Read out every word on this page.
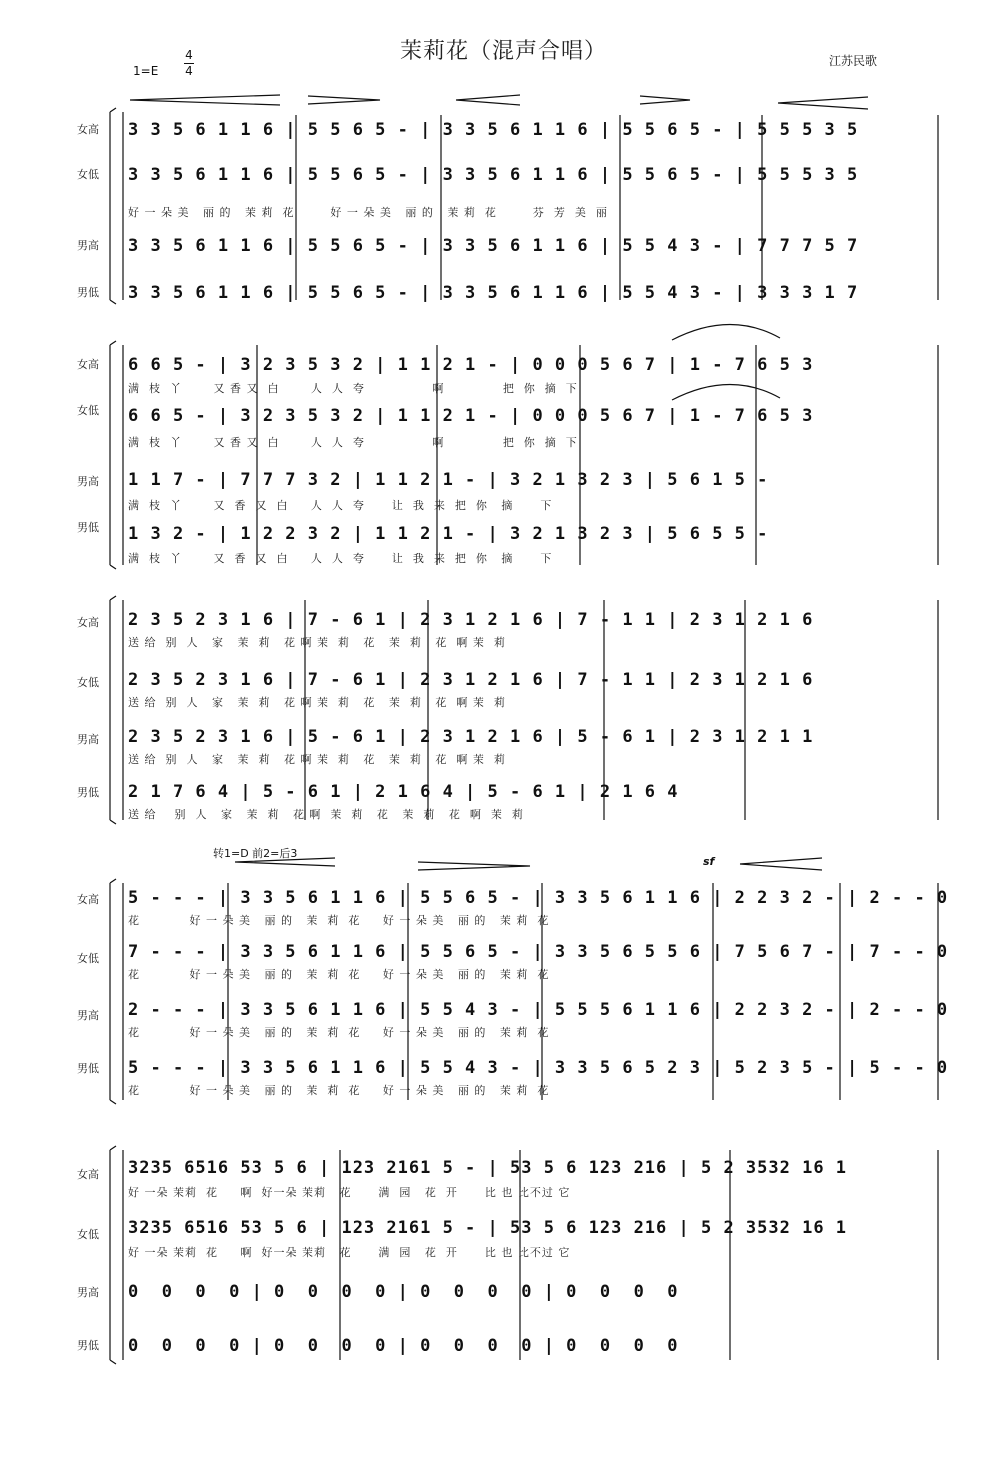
茉莉花（混声合唱）	江苏民歌
1=E
4
4
转1=D 前2=后3
sf
女高 3 3 5 6 1 1 6 | 5 5 6 5 - | 3 3 5 6 1 1 6 | 5 5 6 5 - | 5 5 5 3 5
女低 3 3 5 6 1 1 6 | 5 5 6 5 - | 3 3 5 6 1 1 6 | 5 5 6 5 - | 5 5 5 3 5
好 一 朵 美   丽 的   茉 莉  花        好 一 朵 美   丽 的   茉 莉  花        芬  芳  美  丽
男高 3 3 5 6 1 1 6 | 5 5 6 5 - | 3 3 5 6 1 1 6 | 5 5 4 3 - | 7 7 7 5 7
男低 3 3 5 6 1 1 6 | 5 5 6 5 - | 3 3 5 6 1 1 6 | 5 5 4 3 - | 3 3 3 1 7
女高 6 6 5 - | 3 2 3 5 3 2 | 1 1 2 1 - | 0 0 0 5 6 7 | 1 - 7 6 5 3
满  枝  丫       又 香 又  白       人  人  夸               啊             把  你  摘  下
女低 6 6 5 - | 3 2 3 5 3 2 | 1 1 2 1 - | 0 0 0 5 6 7 | 1 - 7 6 5 3
满  枝  丫       又 香 又  白       人  人  夸               啊             把  你  摘  下
男高 1 1 7 - | 7 7 7 3 2 | 1 1 2 1 - | 3 2 1 3 2 3 | 5 6 1 5 -
满  枝  丫       又  香  又  白     人  人  夸      让  我  来  把  你   摘      下
男低 1 3 2 - | 1 2 2 3 2 | 1 1 2 1 - | 3 2 1 3 2 3 | 5 6 5 5 -
满  枝  丫       又  香  又  白     人  人  夸      让  我  来  把  你   摘      下
女高 2 3 5 2 3 1 6 | 7 - 6 1 | 2 3 1 2 1 6 | 7 - 1 1 | 2 3 1 2 1 6
送 给  别  人   家   茉  莉   花 啊 茉  莉   花   茉  莉   花  啊 茉  莉
女低 2 3 5 2 3 1 6 | 7 - 6 1 | 2 3 1 2 1 6 | 7 - 1 1 | 2 3 1 2 1 6
送 给  别  人   家   茉  莉   花 啊 茉  莉   花   茉  莉   花  啊 茉  莉
男高 2 3 5 2 3 1 6 | 5 - 6 1 | 2 3 1 2 1 6 | 5 - 6 1 | 2 3 1 2 1 1
送 给  别  人   家   茉  莉   花 啊 茉  莉   花   茉  莉   花  啊 茉  莉
男低 2 1 7 6 4 | 5 - 6 1 | 2 1 6 4 | 5 - 6 1 | 2 1 6 4
送 给    别  人   家   茉  莉   花 啊  茉  莉   花   茉  莉   花  啊  茉  莉
女高 5 - - - | 3 3 5 6 1 1 6 | 5 5 6 5 - | 3 3 5 6 1 1 6 | 2 2 3 2 - | 2 - - 0
花           好 一 朵 美   丽 的   茉  莉  花     好 一 朵 美   丽 的   茉 莉  花
女低 7 - - - | 3 3 5 6 1 1 6 | 5 5 6 5 - | 3 3 5 6 5 5 6 | 7 5 6 7 - | 7 - - 0
花           好 一 朵 美   丽 的   茉  莉  花     好 一 朵 美   丽 的   茉 莉  花
男高 2 - - - | 3 3 5 6 1 1 6 | 5 5 4 3 - | 5 5 5 6 1 1 6 | 2 2 3 2 - | 2 - - 0
花           好 一 朵 美   丽 的   茉  莉  花     好 一 朵 美   丽 的   茉 莉  花
男低 5 - - - | 3 3 5 6 1 1 6 | 5 5 4 3 - | 3 3 5 6 5 2 3 | 5 2 3 5 - | 5 - - 0
花           好 一 朵 美   丽 的   茉  莉  花     好 一 朵 美   丽 的   茉 莉  花
女高 3235 6516 53 5 6 | 123 2161 5 - | 53 5 6 123 216 | 5 2 3532 16 1
好 一朵 茉莉  花     啊  好一朵 茉莉   花      满  园   花  开      比 也 比不过 它
女低 3235 6516 53 5 6 | 123 2161 5 - | 53 5 6 123 216 | 5 2 3532 16 1
好 一朵 茉莉  花     啊  好一朵 茉莉   花      满  园   花  开      比 也 比不过 它
男高 0  0  0  0 | 0  0  0  0 | 0  0  0  0 | 0  0  0  0
男低 0  0  0  0 | 0  0  0  0 | 0  0  0  0 | 0  0  0  0
